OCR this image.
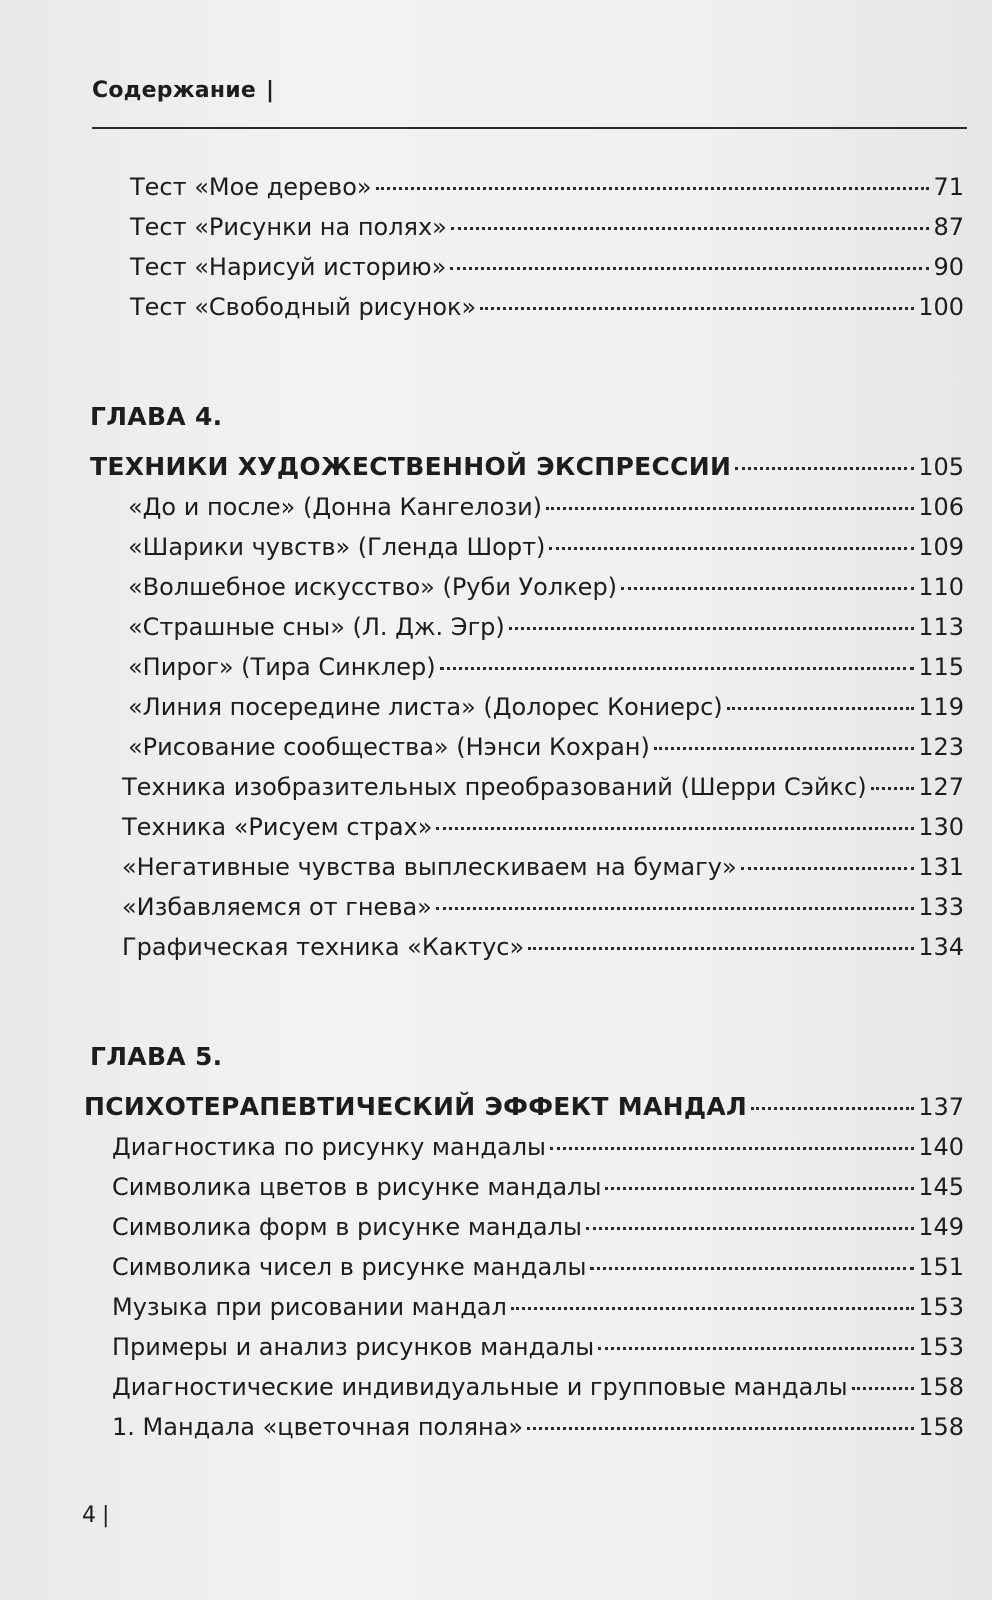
Содержание |
Тест «Мое дерево»	71
Тест «Рисунки на полях»	87
Тест «Нарисуй историю»	90
Тест «Свободный рисунок»	100
ГЛАВА 4.
ТЕХНИКИ ХУДОЖЕСТВЕННОЙ ЭКСПРЕССИИ	105
«До и после» (Донна Кангелози)	106
«Шарики чувств» (Гленда Шорт)	109
«Волшебное искусство» (Руби Уолкер)	110
«Страшные сны» (Л. Дж. Эгр)	113
«Пирог» (Тира Синклер)	115
«Линия посередине листа» (Долорес Кониерс)	119
«Рисование сообщества» (Нэнси Кохран)	123
Техника изобразительных преобразований (Шерри Сэйкс) 127
Техника «Рисуем страх»	130
«Негативные чувства выплескиваем на бумагу»	131
«Избавляемся от гнева»	133
Графическая техника «Кактус»	134
ГЛАВА 5.
ПСИХОТЕРАПЕВТИЧЕСКИЙ ЭФФЕКТ МАНДАЛ	137
Диагностика по рисунку мандалы	140
Символика цветов в рисунке мандалы	145
Символика форм в рисунке мандалы	149
Символика чисел в рисунке мандалы	151
Музыка при рисовании мандал	153
Примеры и анализ рисунков мандалы	153
Диагностические индивидуальные и групповые мандалы	158
1. Мандала «цветочная поляна»	158
4 |
